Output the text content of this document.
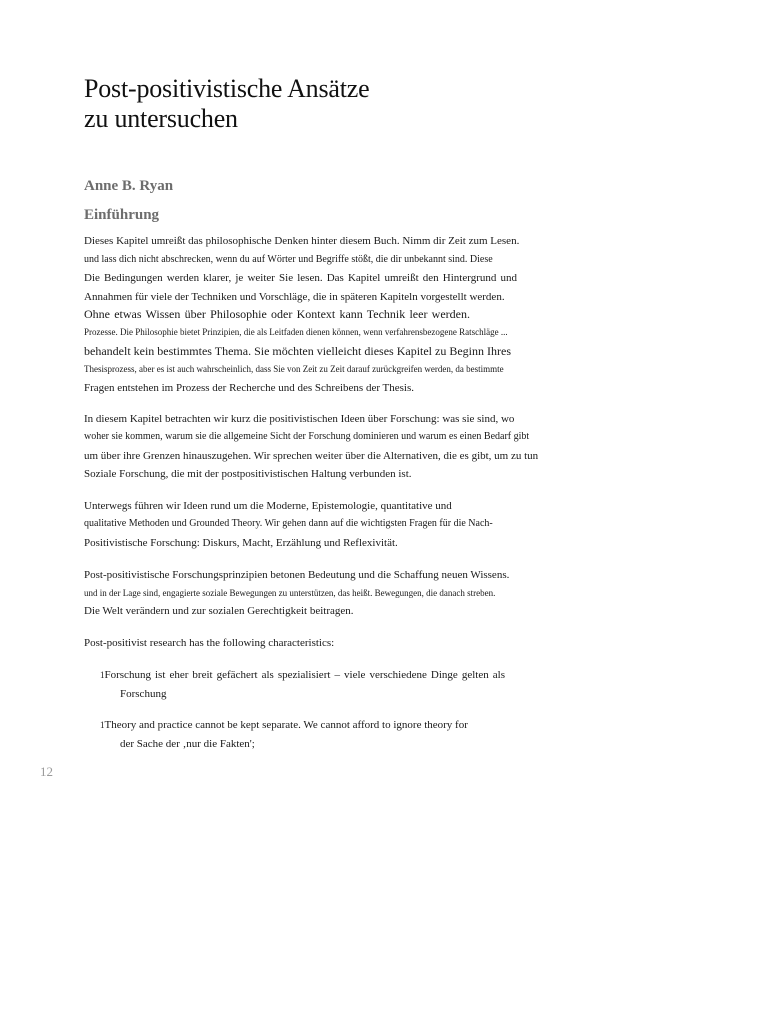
Post-positivistische Ansätze
zu untersuchen
Anne B. Ryan
Einführung
Dieses Kapitel umreißt das philosophische Denken hinter diesem Buch. Nimm dir Zeit zum Lesen.
und lass dich nicht abschrecken, wenn du auf Wörter und Begriffe stößt, die dir unbekannt sind. Diese
Die Bedingungen werden klarer, je weiter Sie lesen. Das Kapitel umreißt den Hintergrund und
Annahmen für viele der Techniken und Vorschläge, die in späteren Kapiteln vorgestellt werden.
Ohne etwas Wissen über Philosophie oder Kontext kann Technik leer werden.
Prozesse. Die Philosophie bietet Prinzipien, die als Leitfaden dienen können, wenn verfahrensbezogene Ratschläge ...
behandelt kein bestimmtes Thema. Sie möchten vielleicht dieses Kapitel zu Beginn Ihres
Thesisprozess, aber es ist auch wahrscheinlich, dass Sie von Zeit zu Zeit darauf zurückgreifen werden, da bestimmte
Fragen entstehen im Prozess der Recherche und des Schreibens der Thesis.
In diesem Kapitel betrachten wir kurz die positivistischen Ideen über Forschung: was sie sind, wo
woher sie kommen, warum sie die allgemeine Sicht der Forschung dominieren und warum es einen Bedarf gibt
um über ihre Grenzen hinauszugehen. Wir sprechen weiter über die Alternativen, die es gibt, um zu tun
Soziale Forschung, die mit der postpositivistischen Haltung verbunden ist.
Unterwegs führen wir Ideen rund um die Moderne, Epistemologie, quantitative und
qualitative Methoden und Grounded Theory. Wir gehen dann auf die wichtigsten Fragen für die Nach-
Positivistische Forschung: Diskurs, Macht, Erzählung und Reflexivität.
Post-positivistische Forschungsprinzipien betonen Bedeutung und die Schaffung neuen Wissens.
und in der Lage sind, engagierte soziale Bewegungen zu unterstützen, das heißt. Bewegungen, die danach streben.
Die Welt verändern und zur sozialen Gerechtigkeit beitragen.
Post-positivist research has the following characteristics:
1Forschung ist eher breit gefächert als spezialisiert – viele verschiedene Dinge gelten als
Forschung
1Theory and practice cannot be kept separate. We cannot afford to ignore theory for
der Sache der ‚nur die Fakten';
12
